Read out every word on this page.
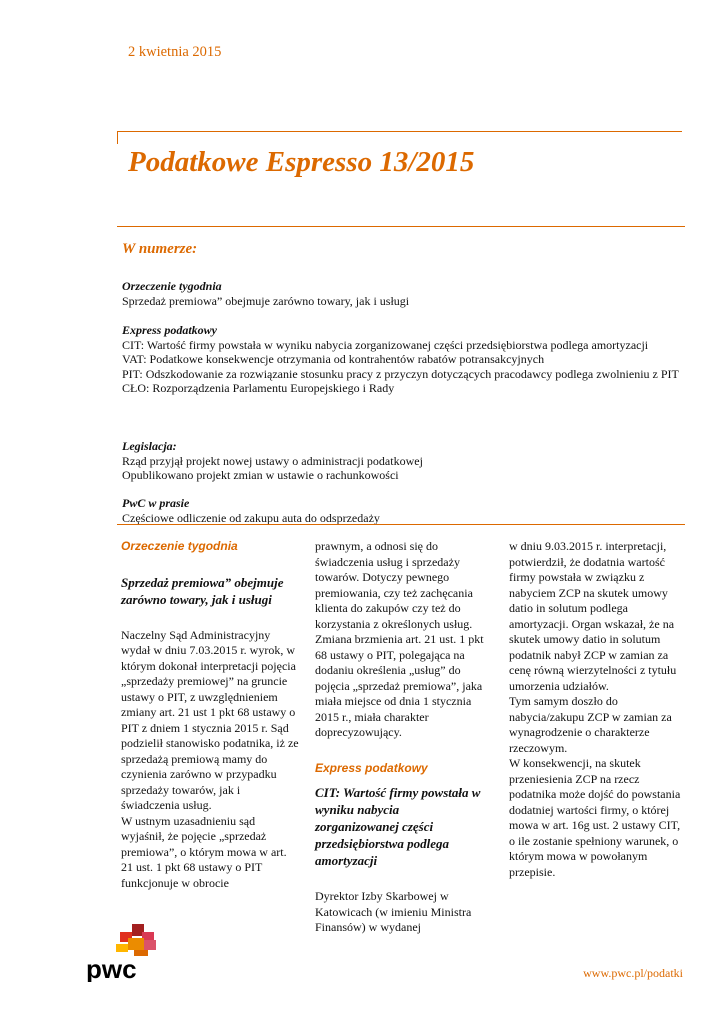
2 kwietnia 2015
Podatkowe Espresso 13/2015
W numerze:
Orzeczenie tygodnia
Sprzedaż premiowa” obejmuje zarówno towary, jak i usługi
Express podatkowy
CIT: Wartość firmy powstała w wyniku nabycia zorganizowanej części przedsiębiorstwa podlega amortyzacji
VAT: Podatkowe konsekwencje otrzymania od kontrahentów rabatów potransakcyjnych
PIT: Odszkodowanie za rozwiązanie stosunku pracy z przyczyn dotyczących pracodawcy podlega zwolnieniu z PIT
CŁO: Rozporządzenia Parlamentu Europejskiego i Rady
Legislacja:
Rząd przyjął projekt nowej ustawy o administracji podatkowej
Opublikowano projekt zmian w ustawie o rachunkowości
PwC w prasie
Częściowe odliczenie od zakupu auta do odsprzedaży

Orzeczenie tygodnia

Sprzedaż premiowa” obejmuje zarówno towary, jak i usługi

Naczelny Sąd Administracyjny wydał w dniu 7.03.2015 r. wyrok, w którym dokonał interpretacji pojęcia „sprzedaży premiowej” na gruncie ustawy o PIT, z uwzględnieniem zmiany art. 21 ust 1 pkt 68 ustawy o PIT z dniem 1 stycznia 2015 r. Sąd podzielił stanowisko podatnika, iż ze sprzedażą premiową mamy do czynienia zarówno w przypadku sprzedaży towarów, jak i świadczenia usług.

W ustnym uzasadnieniu sąd wyjaśnił, że pojęcie „sprzedaż premiowa”, o którym mowa w art. 21 ust. 1 pkt 68 ustawy o PIT funkcjonuje w obrocie

prawnym, a odnosi się do świadczenia usług i sprzedaży towarów. Dotyczy pewnego premiowania, czy też zachęcania klienta do zakupów czy też do korzystania z określonych usług. Zmiana brzmienia art. 21 ust. 1 pkt 68 ustawy o PIT, polegająca na dodaniu określenia „usług” do pojęcia „sprzedaż premiowa”, jaka miała miejsce od dnia 1 stycznia 2015 r., miała charakter doprecyzowujący.

Express podatkowy

CIT: Wartość firmy powstała w wyniku nabycia zorganizowanej części przedsiębiorstwa podlega amortyzacji

Dyrektor Izby Skarbowej w Katowicach (w imieniu Ministra Finansów) w wydanej

w dniu 9.03.2015 r. interpretacji, potwierdził, że dodatnia wartość firmy powstała w związku z nabyciem ZCP na skutek umowy datio in solutum podlega amortyzacji. Organ wskazał, że na skutek umowy datio in solutum podatnik nabył ZCP w zamian za cenę równą wierzytelności z tytułu umorzenia udziałów.

Tym samym doszło do nabycia/zakupu ZCP w zamian za wynagrodzenie o charakterze rzeczowym.

W konsekwencji, na skutek przeniesienia ZCP na rzecz podatnika może dojść do powstania dodatniej wartości firmy, o której mowa w art. 16g ust. 2 ustawy CIT, o ile zostanie spełniony warunek, o którym mowa w powołanym przepisie.

pwc	www.pwc.pl/podatki
